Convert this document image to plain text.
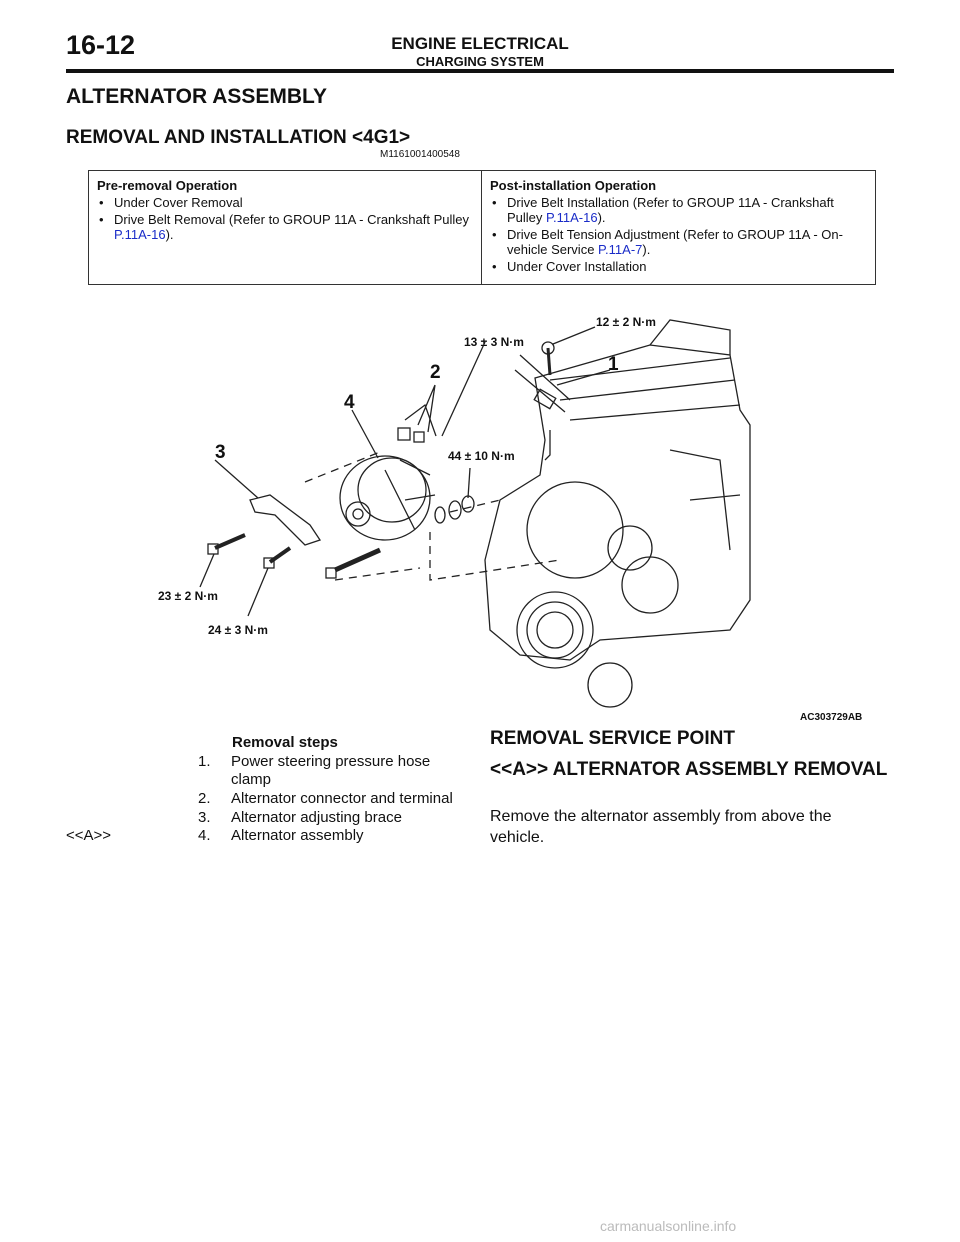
16-12	ENGINE ELECTRICAL
CHARGING SYSTEM
ALTERNATOR ASSEMBLY
REMOVAL AND INSTALLATION <4G1>
M1161001400548
Pre-removal Operation
• Under Cover Removal
• Drive Belt Removal (Refer to GROUP 11A - Crankshaft Pulley P.11A-16).
Post-installation Operation
• Drive Belt Installation (Refer to GROUP 11A - Crankshaft Pulley P.11A-16).
• Drive Belt Tension Adjustment (Refer to GROUP 11A - On-vehicle Service P.11A-7).
• Under Cover Installation
1
2
3
4
12 ± 2 N·m
13 ± 3 N·m
44 ± 10 N·m
23 ± 2 N·m
24 ± 3 N·m
AC303729AB
Removal steps
1. Power steering pressure hose clamp
2. Alternator connector and terminal
3. Alternator adjusting brace
<<A>>	4. Alternator assembly
REMOVAL SERVICE POINT
<<A>> ALTERNATOR ASSEMBLY REMOVAL
Remove the alternator assembly from above the vehicle.
carmanualsonline.info
